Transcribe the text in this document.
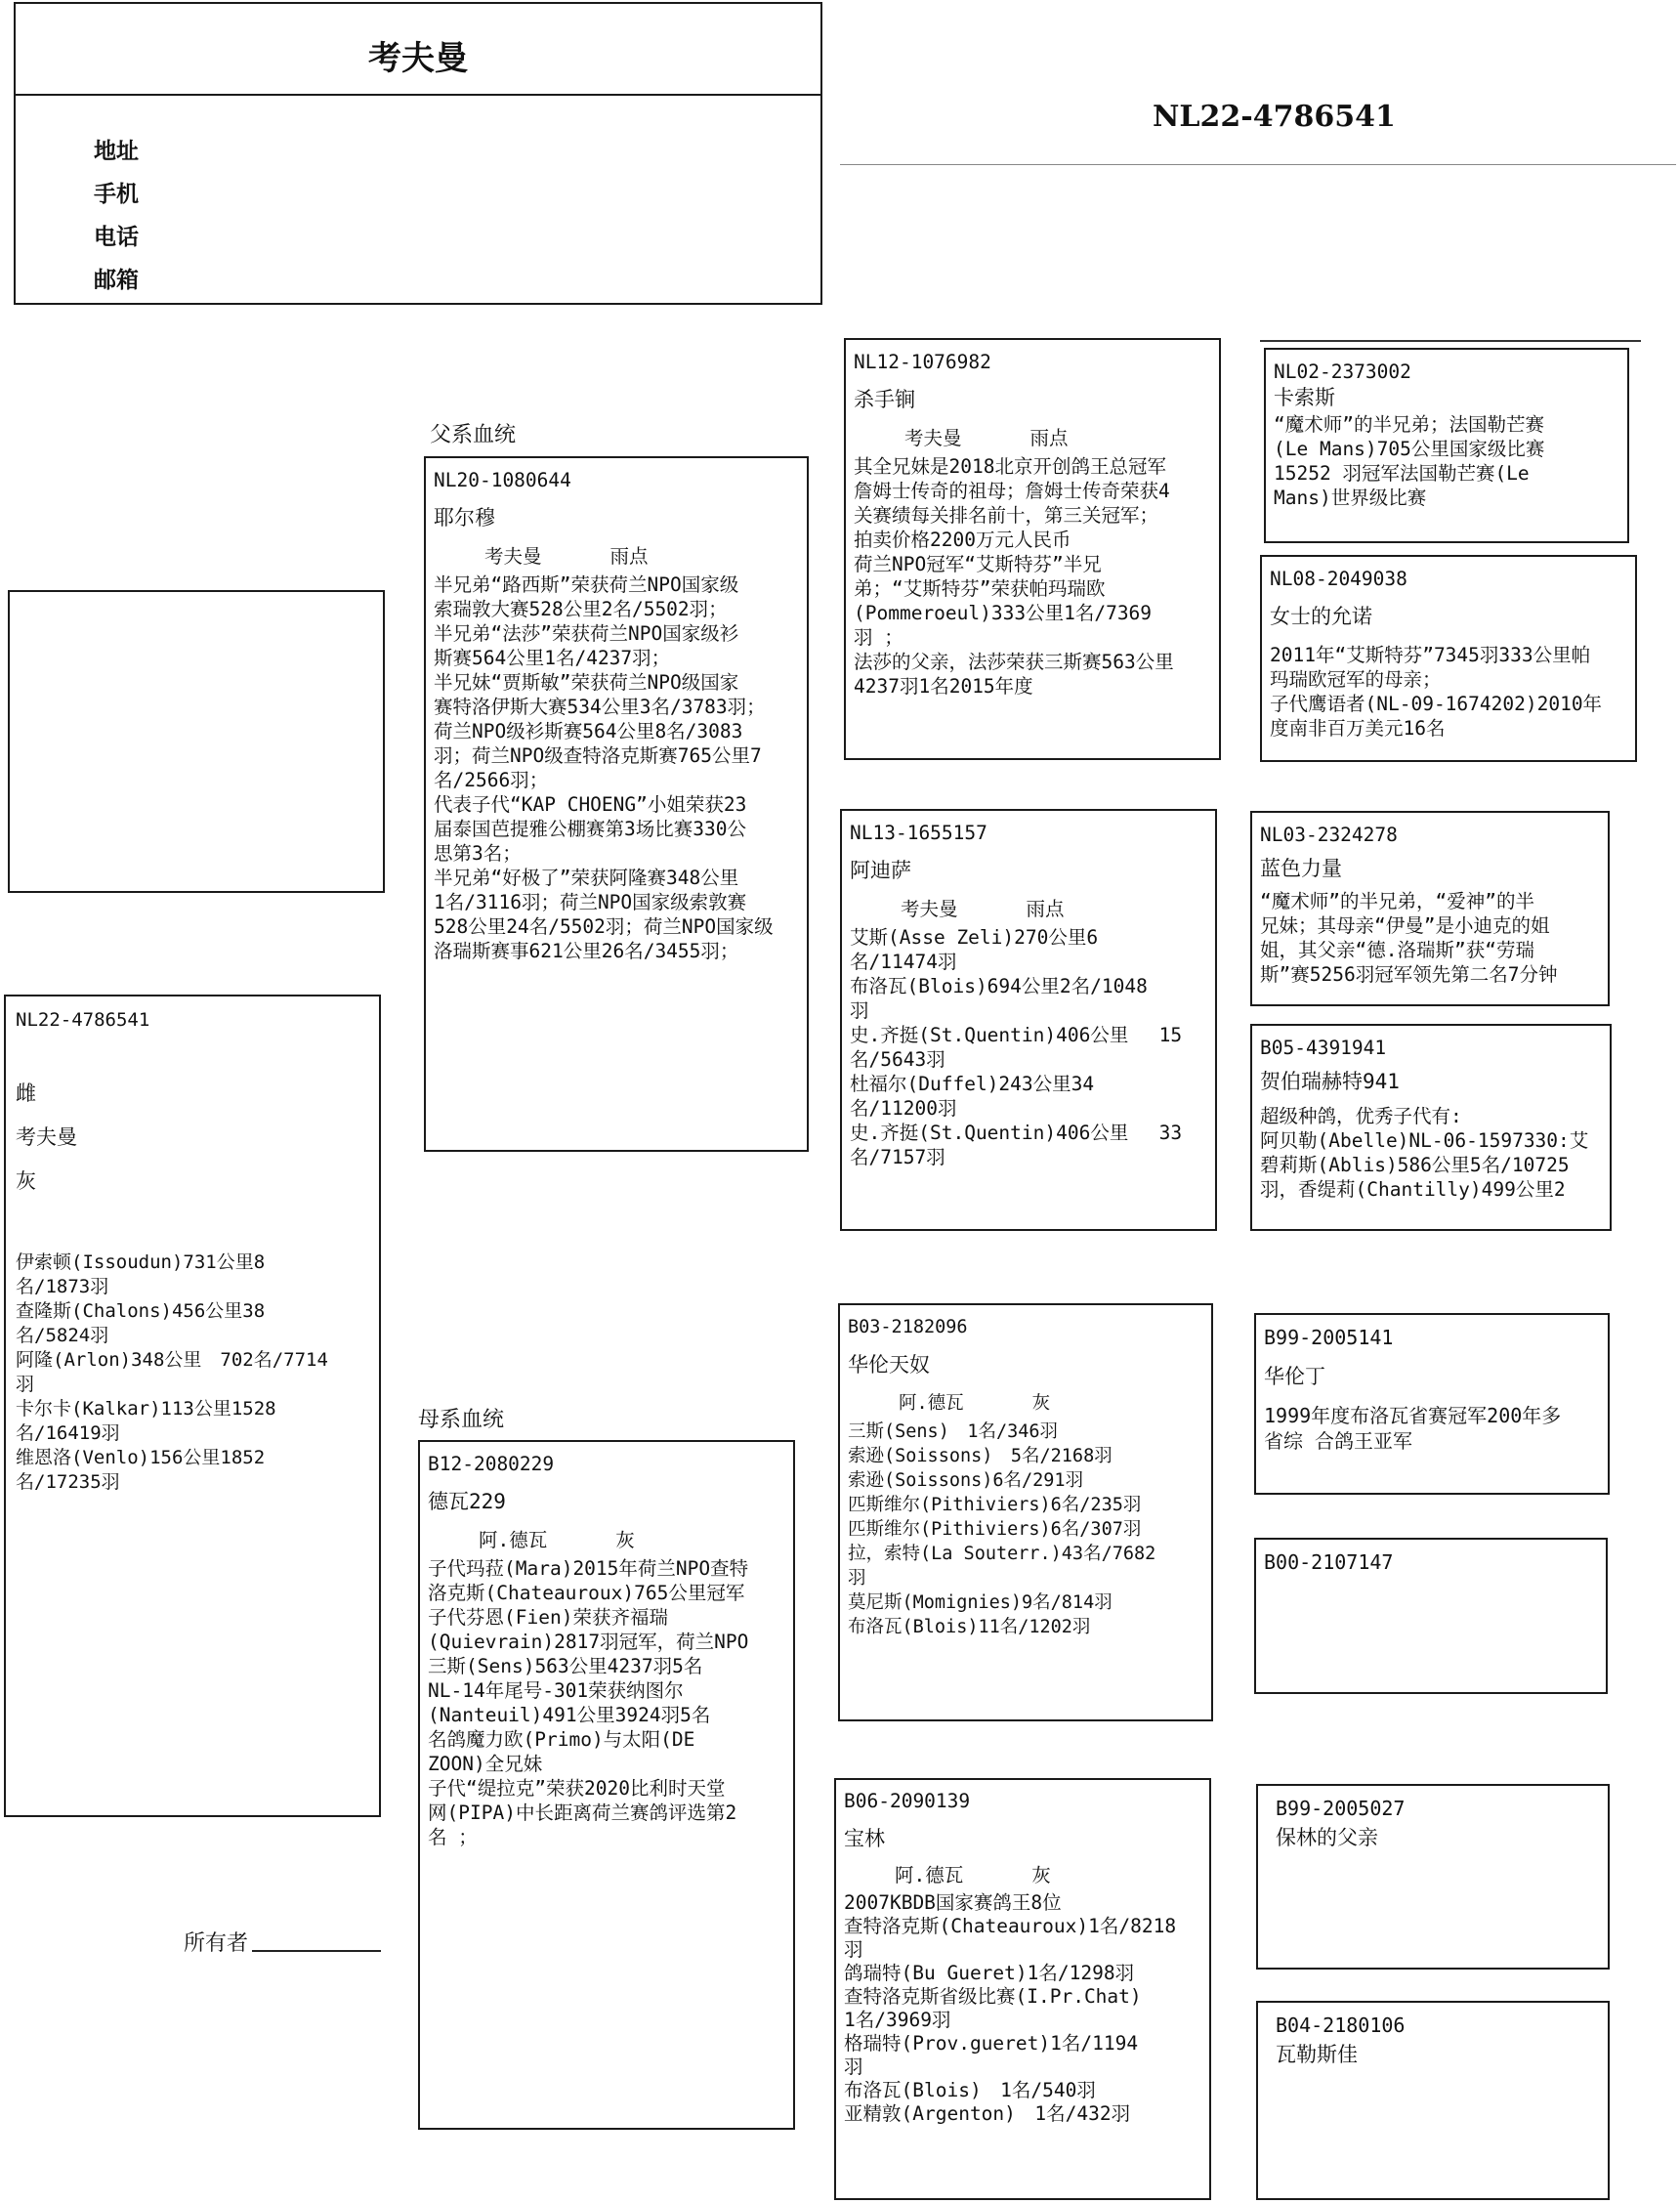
考夫曼
地址
手机
电话
邮箱
NL22-4786541
父系血统
母系血统
NL22-4786541
雌
考夫曼
灰
伊索顿(Issoudun)731公里8
名/1873羽
查隆斯(Chalons)456公里38
名/5824羽
阿隆(Arlon)348公里　702名/7714
羽
卡尔卡(Kalkar)113公里1528
名/16419羽
维恩洛(Venlo)156公里1852
名/17235羽
所有者
NL20-1080644
耶尔穆
考夫曼	雨点
半兄弟“路西斯”荣获荷兰NPO国家级
索瑞敦大赛528公里2名/5502羽；
半兄弟“法莎”荣获荷兰NPO国家级衫
斯赛564公里1名/4237羽；
半兄妹“贾斯敏”荣获荷兰NPO级国家
赛特洛伊斯大赛534公里3名/3783羽；
荷兰NPO级衫斯赛564公里8名/3083
羽；荷兰NPO级查特洛克斯赛765公里7
名/2566羽；
代表子代“KAP CHOENG”小姐荣获23
届泰国芭提雅公棚赛第3场比赛330公
思第3名；
半兄弟“好极了”荣获阿隆赛348公里
1名/3116羽；荷兰NPO国家级索敦赛
528公里24名/5502羽；荷兰NPO国家级
洛瑞斯赛事621公里26名/3455羽；
B12-2080229
德瓦229
阿.德瓦	灰
子代玛菈(Mara)2015年荷兰NPO查特
洛克斯(Chateauroux)765公里冠军
子代芬恩(Fien)荣获齐福瑞
(Quievrain)2817羽冠军，荷兰NPO
三斯(Sens)563公里4237羽5名
NL-14年尾号-301荣获纳图尔
(Nanteuil)491公里3924羽5名
名鸽魔力欧(Primo)与太阳(DE
ZOON)全兄妹
子代“缇拉克”荣获2020比利时天堂
网(PIPA)中长距离荷兰赛鸽评选第2
名 ；
NL12-1076982
杀手锏
考夫曼	雨点
其全兄妹是2018北京开创鸽王总冠军
詹姆士传奇的祖母；詹姆士传奇荣获4
关赛绩每关排名前十，第三关冠军；
拍卖价格2200万元人民币
荷兰NPO冠军“艾斯特芬”半兄
弟；“艾斯特芬”荣获帕玛瑞欧
(Pommeroeul)333公里1名/7369
羽 ；
法莎的父亲，法莎荣获三斯赛563公里
4237羽1名2015年度
NL13-1655157
阿迪萨
考夫曼	雨点
艾斯(Asse Zeli)270公里6
名/11474羽
布洛瓦(Blois)694公里2名/1048
羽
史.齐挺(St.Quentin)406公里　 15
名/5643羽
杜福尔(Duffel)243公里34
名/11200羽
史.齐挺(St.Quentin)406公里　 33
名/7157羽
B03-2182096
华伦天奴
阿.德瓦	灰
三斯(Sens)　1名/346羽
索逊(Soissons)　5名/2168羽
索逊(Soissons)6名/291羽
匹斯维尔(Pithiviers)6名/235羽
匹斯维尔(Pithiviers)6名/307羽
拉，索特(La Souterr.)43名/7682
羽
莫尼斯(Momignies)9名/814羽
布洛瓦(Blois)11名/1202羽
B06-2090139
宝林
阿.德瓦	灰
2007KBDB国家赛鸽王8位
查特洛克斯(Chateauroux)1名/8218
羽
鸽瑞特(Bu Gueret)1名/1298羽
查特洛克斯省级比赛(I.Pr.Chat)
1名/3969羽
格瑞特(Prov.gueret)1名/1194
羽
布洛瓦(Blois)　1名/540羽
亚精敦(Argenton)　1名/432羽
NL02-2373002
卡索斯
“魔术师”的半兄弟；法国勒芒赛
(Le Mans)705公里国家级比赛
15252 羽冠军法国勒芒赛(Le
Mans)世界级比赛
NL08-2049038
女士的允诺
2011年“艾斯特芬”7345羽333公里帕
玛瑞欧冠军的母亲；
子代鹰语者(NL-09-1674202)2010年
度南非百万美元16名
NL03-2324278
蓝色力量
“魔术师”的半兄弟，“爱神”的半
兄妹；其母亲“伊曼”是小迪克的姐
姐，其父亲“德.洛瑞斯”获“劳瑞
斯”赛5256羽冠军领先第二名7分钟
B05-4391941
贺伯瑞赫特941
超级种鸽，优秀子代有:
阿贝勒(Abelle)NL-06-1597330:艾
碧莉斯(Ablis)586公里5名/10725
羽，香缇莉(Chantilly)499公里2
B99-2005141
华伦丁
1999年度布洛瓦省赛冠军200年多
省综 合鸽王亚军
B00-2107147
B99-2005027
保林的父亲
B04-2180106
瓦勒斯佳
